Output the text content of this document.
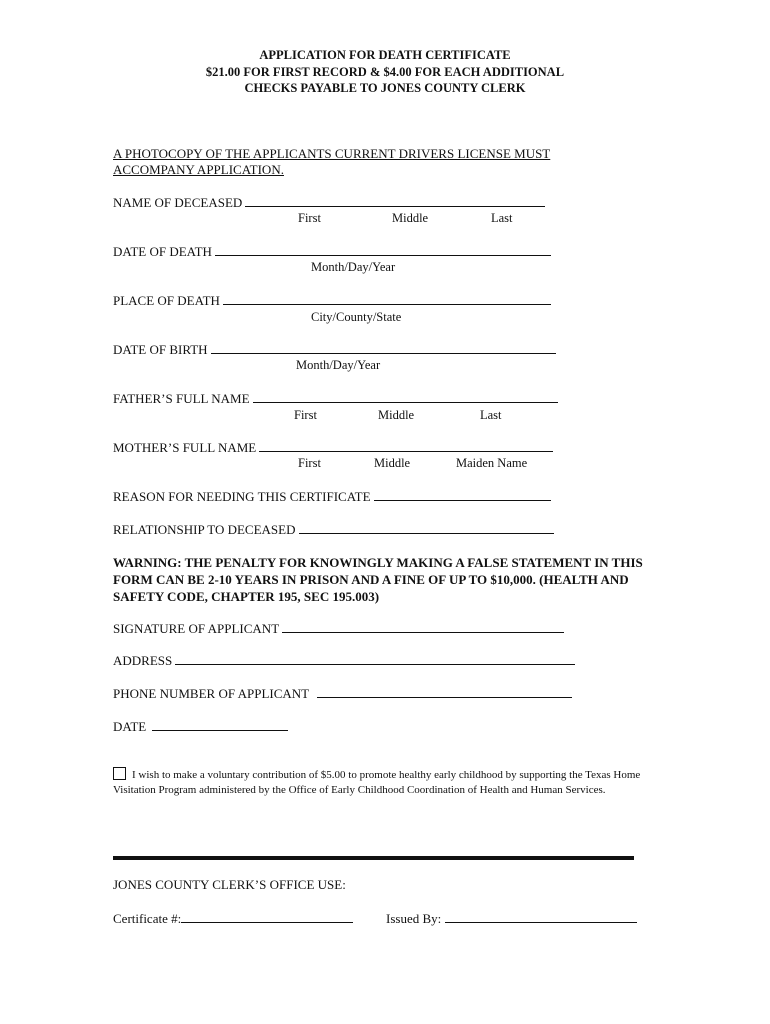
APPLICATION FOR DEATH CERTIFICATE
$21.00 FOR FIRST RECORD & $4.00 FOR EACH ADDITIONAL
CHECKS PAYABLE TO JONES COUNTY CLERK
A PHOTOCOPY OF THE APPLICANTS CURRENT DRIVERS LICENSE MUST
ACCOMPANY APPLICATION.
NAME OF DECEASED
First	Middle	Last
DATE OF DEATH
Month/Day/Year
PLACE OF DEATH
City/County/State
DATE OF BIRTH
Month/Day/Year
FATHER’S FULL NAME
First	Middle	Last
MOTHER’S FULL NAME
First	Middle	Maiden Name
REASON FOR NEEDING THIS CERTIFICATE
RELATIONSHIP TO DECEASED
WARNING: THE PENALTY FOR KNOWINGLY MAKING A FALSE STATEMENT IN THIS FORM CAN BE 2-10 YEARS IN PRISON AND A FINE OF UP TO $10,000. (HEALTH AND SAFETY CODE, CHAPTER 195, SEC 195.003)
SIGNATURE OF APPLICANT
ADDRESS
PHONE NUMBER OF APPLICANT
DATE
I wish to make a voluntary contribution of $5.00 to promote healthy early childhood by supporting the Texas Home Visitation Program administered by the Office of Early Childhood Coordination of Health and Human Services.
JONES COUNTY CLERK’S OFFICE USE:
Certificate #:	Issued By:
